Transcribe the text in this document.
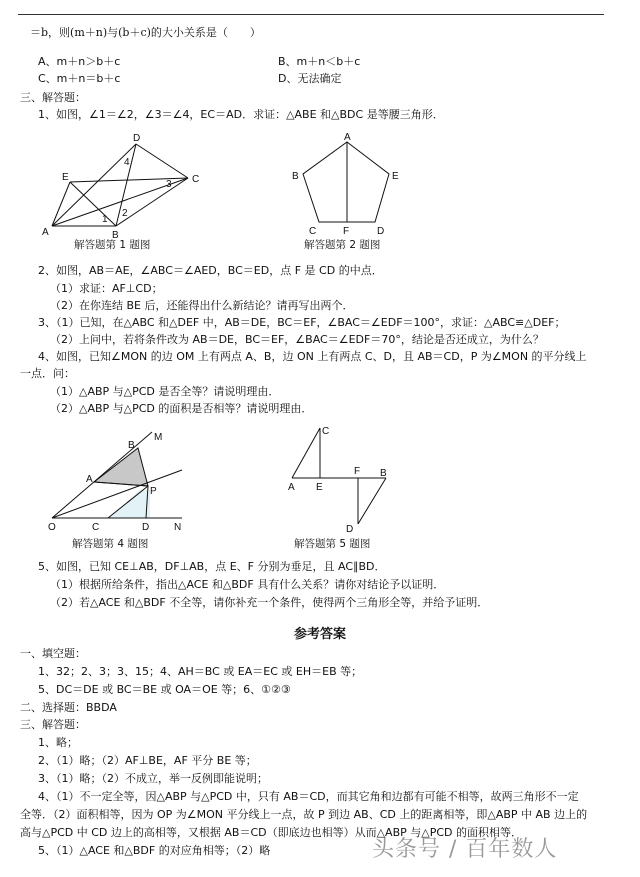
＝b，则(m＋n)与(b＋c)的大小关系是（　　）
A、m＋n＞b＋c	B、m＋n＜b＋c
C、m＋n＝b＋c	D、无法确定
三、解答题：
1、如图，∠1＝∠2，∠3＝∠4，EC＝AD．求证：△ABE 和△BDC 是等腰三角形．
A	B
C
D
E
1
2
3
4
解答题第 1 题图
A
B
C	F	D
E
解答题第 2 题图
2、如图，AB＝AE，∠ABC＝∠AED，BC＝ED，点 F 是 CD 的中点．
（1）求证：AF⊥CD；
（2）在你连结 BE 后，还能得出什么新结论？请再写出两个．
3、（1）已知，在△ABC 和△DEF 中，AB＝DE，BC＝EF，∠BAC＝∠EDF＝100°，求证：△ABC≌△DEF；
（2）上问中，若将条件改为 AB＝DE，BC＝EF，∠BAC＝∠EDF＝70°，结论是否还成立，为什么？
4、如图，已知∠MON 的边 OM 上有两点 A、B，边 ON 上有两点 C、D，且 AB＝CD，P 为∠MON 的平分线上
一点．问：
（1）△ABP 与△PCD 是否全等？请说明理由．
（2）△ABP 与△PCD 的面积是否相等？请说明理由．
O
A
B
M
P
C	D N
解答题第 4 题图
A
C
E
F B
D
解答题第 5 题图
5、如图，已知 CE⊥AB，DF⊥AB，点 E、F 分别为垂足，且 AC∥BD．
（1）根据所给条件，指出△ACE 和△BDF 具有什么关系？请你对结论予以证明．
（2）若△ACE 和△BDF 不全等，请你补充一个条件，使得两个三角形全等，并给予证明．
参考答案
一、填空题：
1、32；2、3；3、15；4、AH＝BC 或 EA＝EC 或 EH＝EB 等；
5、DC＝DE 或 BC＝BE 或 OA＝OE 等；6、①②③
二、选择题：BBDA
三、解答题：
1、略；
2、（1）略；（2）AF⊥BE，AF 平分 BE 等；
3、（1）略；（2）不成立，举一反例即能说明；
4、（1）不一定全等，因△ABP 与△PCD 中，只有 AB＝CD，而其它角和边都有可能不相等，故两三角形不一定
全等．（2）面积相等，因为 OP 为∠MON 平分线上一点，故 P 到边 AB、CD 上的距离相等，即△ABP 中 AB 边上的
高与△PCD 中 CD 边上的高相等，又根据 AB＝CD（即底边也相等）从而△ABP 与△PCD 的面积相等．
5、（1）△ACE 和△BDF 的对应角相等；（2）略	头条号 / 百年数人
